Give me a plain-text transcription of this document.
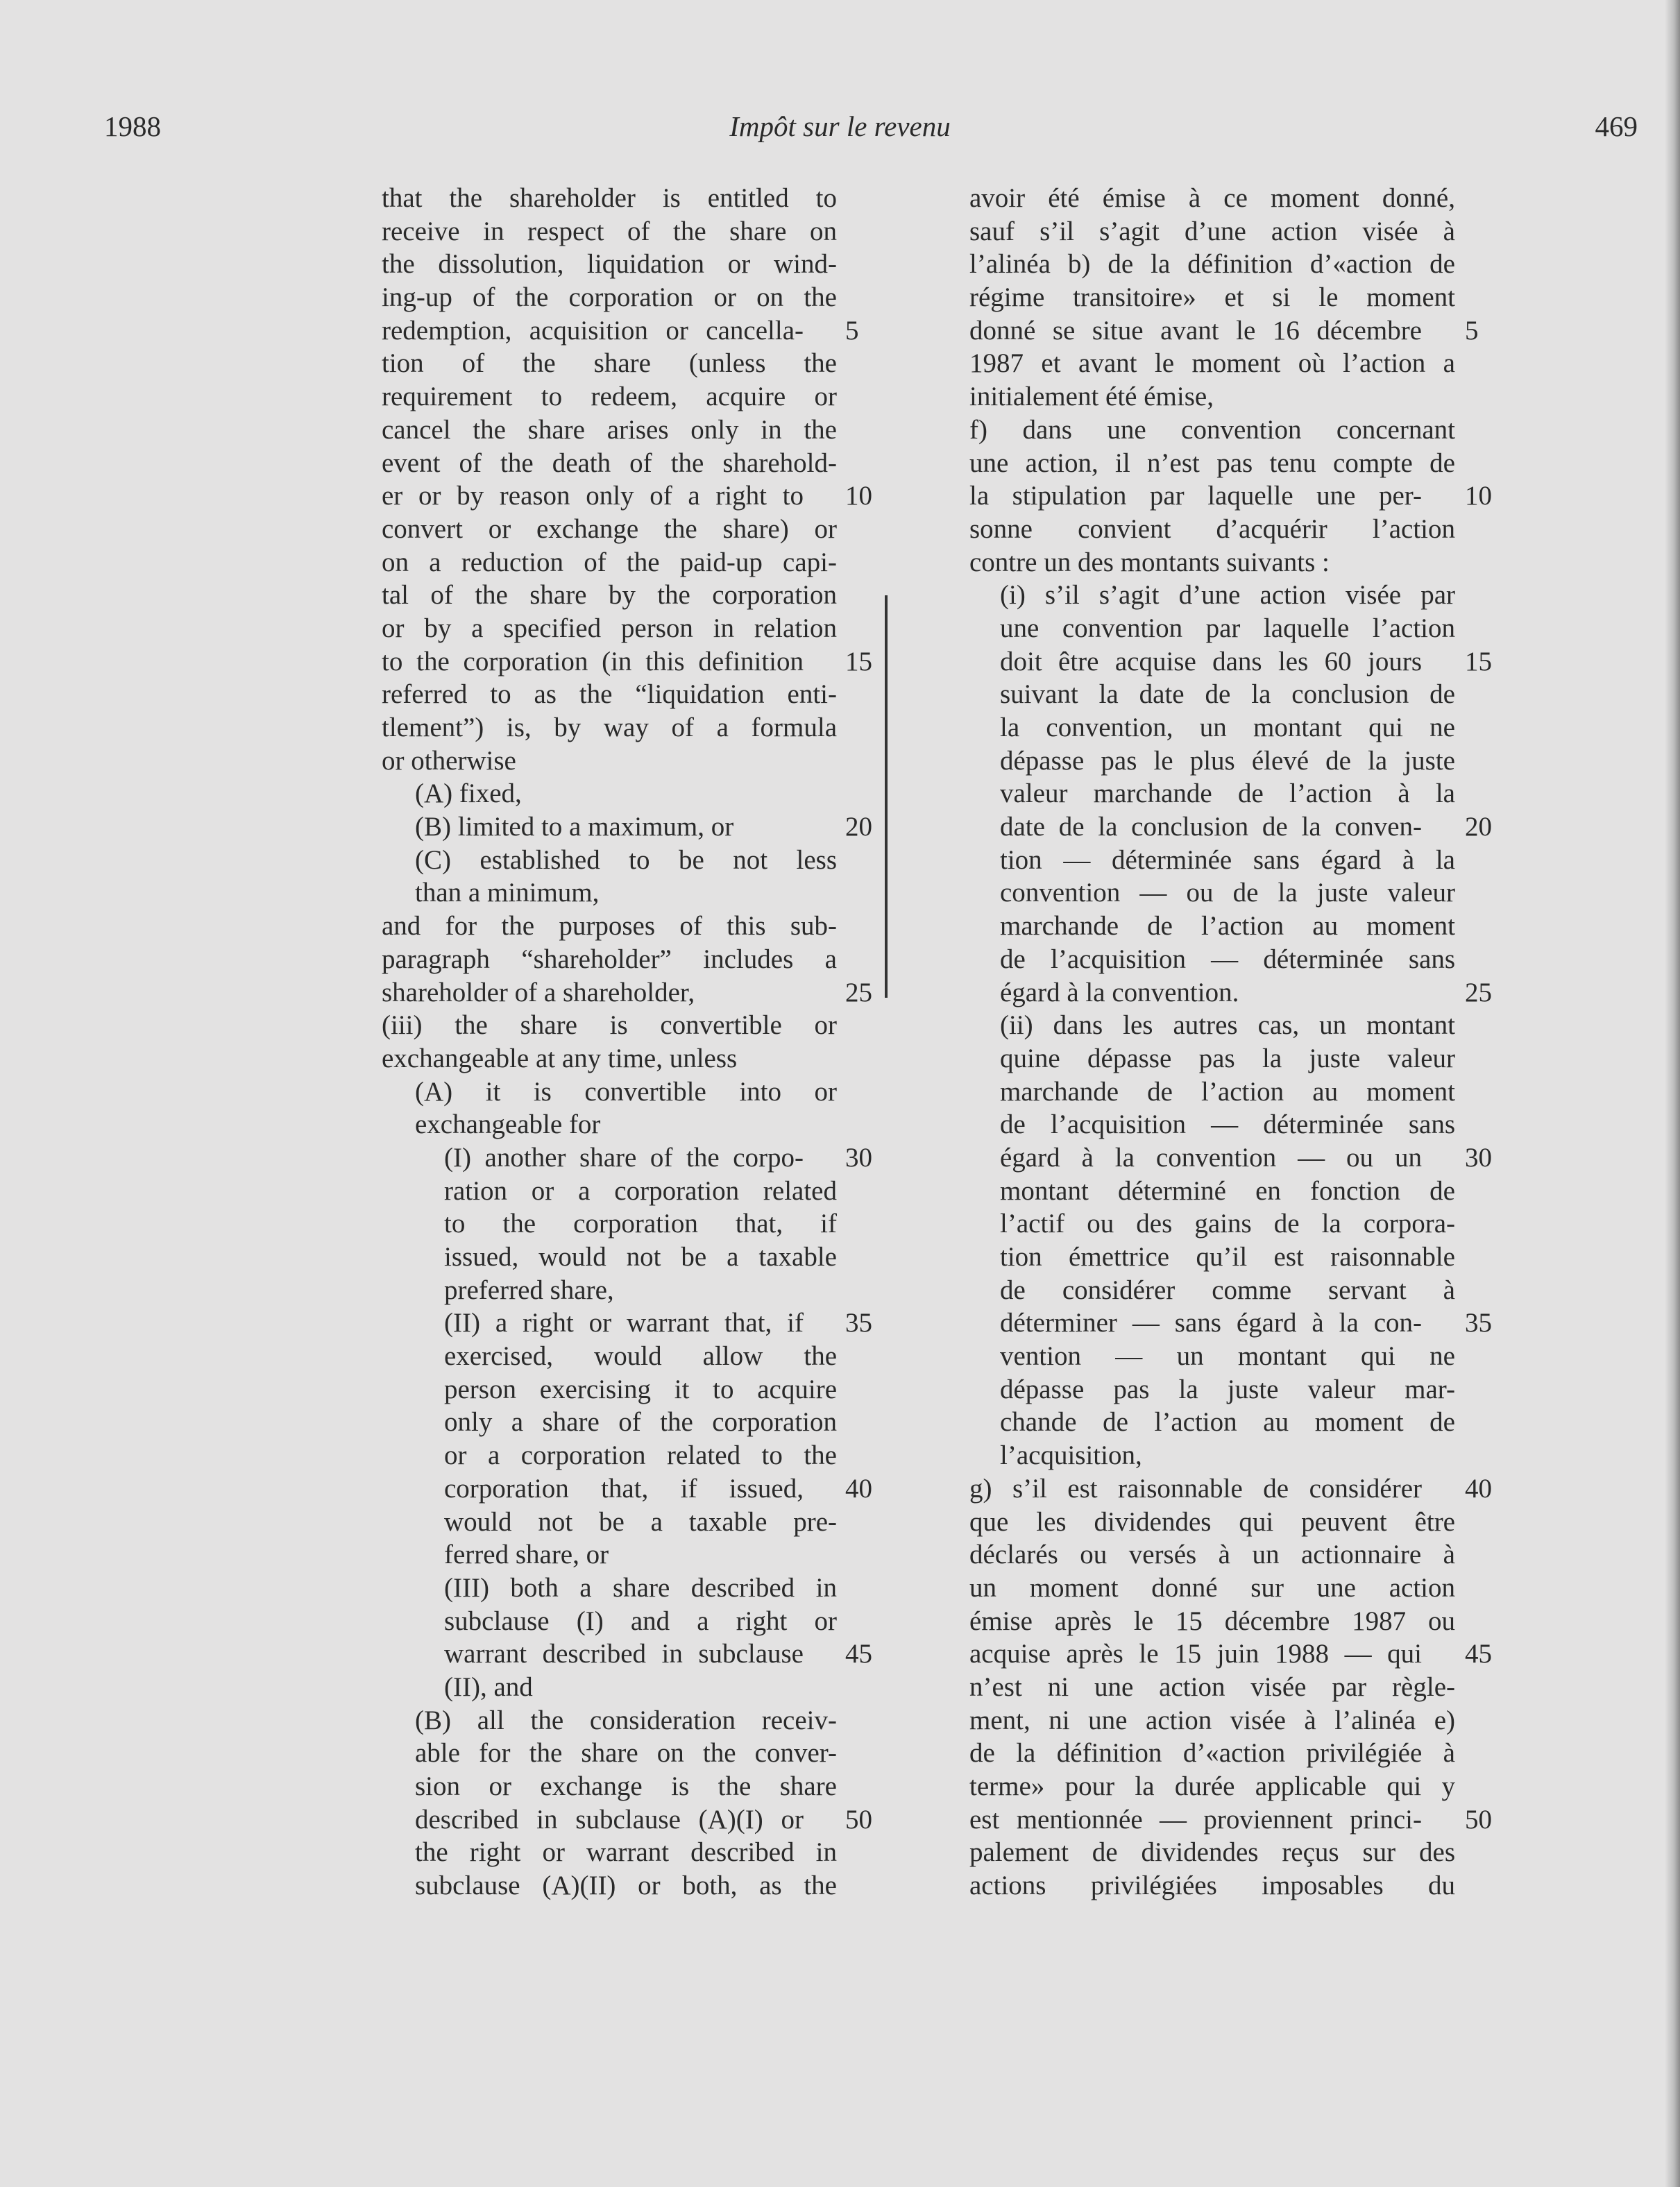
1988	Impôt sur le revenu	469
that the shareholder is entitled to
receive in respect of the share on
the dissolution, liquidation or wind-
ing-up of the corporation or on the
redemption, acquisition or cancella- 5
tion of the share (unless the
requirement to redeem, acquire or
cancel the share arises only in the
event of the death of the sharehold-
er or by reason only of a right to 10
convert or exchange the share) or
on a reduction of the paid-up capi-
tal of the share by the corporation
or by a specified person in relation
to the corporation (in this definition 15
referred to as the “liquidation enti-
tlement”) is, by way of a formula
or otherwise
(A) fixed,
(B) limited to a maximum, or	20
(C) established to be not less
than a minimum,
and for the purposes of this sub-
paragraph “shareholder” includes a
shareholder of a shareholder,	25
(iii) the share is convertible or
exchangeable at any time, unless
(A) it is convertible into or
exchangeable for
(I) another share of the corpo- 30
ration or a corporation related
to the corporation that, if
issued, would not be a taxable
preferred share,
(II) a right or warrant that, if 35
exercised, would allow the
person exercising it to acquire
only a share of the corporation
or a corporation related to the
corporation that, if issued, 40
would not be a taxable pre-
ferred share, or
(III) both a share described in
subclause (I) and a right or
warrant described in subclause 45
(II), and
(B) all the consideration receiv-
able for the share on the conver-
sion or exchange is the share
described in subclause (A)(I) or 50
the right or warrant described in
subclause (A)(II) or both, as the
avoir été émise à ce moment donné,
sauf s’il s’agit d’une action visée à
l’alinéa b) de la définition d’«action de
régime transitoire» et si le moment
donné se situe avant le 16 décembre 5
1987 et avant le moment où l’action a
initialement été émise,
f) dans une convention concernant
une action, il n’est pas tenu compte de
la stipulation par laquelle une per- 10
sonne convient d’acquérir l’action
contre un des montants suivants :
(i) s’il s’agit d’une action visée par
une convention par laquelle l’action
doit être acquise dans les 60 jours 15
suivant la date de la conclusion de
la convention, un montant qui ne
dépasse pas le plus élevé de la juste
valeur marchande de l’action à la
date de la conclusion de la conven- 20
tion — déterminée sans égard à la
convention — ou de la juste valeur
marchande de l’action au moment
de l’acquisition — déterminée sans
égard à la convention.	25
(ii) dans les autres cas, un montant
quine dépasse pas la juste valeur
marchande de l’action au moment
de l’acquisition — déterminée sans
égard à la convention — ou un 30
montant déterminé en fonction de
l’actif ou des gains de la corpora-
tion émettrice qu’il est raisonnable
de considérer comme servant à
déterminer — sans égard à la con- 35
vention — un montant qui ne
dépasse pas la juste valeur mar-
chande de l’action au moment de
l’acquisition,
g) s’il est raisonnable de considérer 40
que les dividendes qui peuvent être
déclarés ou versés à un actionnaire à
un moment donné sur une action
émise après le 15 décembre 1987 ou
acquise après le 15 juin 1988 — qui 45
n’est ni une action visée par règle-
ment, ni une action visée à l’alinéa e)
de la définition d’«action privilégiée à
terme» pour la durée applicable qui y
est mentionnée — proviennent princi- 50
palement de dividendes reçus sur des
actions privilégiées imposables du
